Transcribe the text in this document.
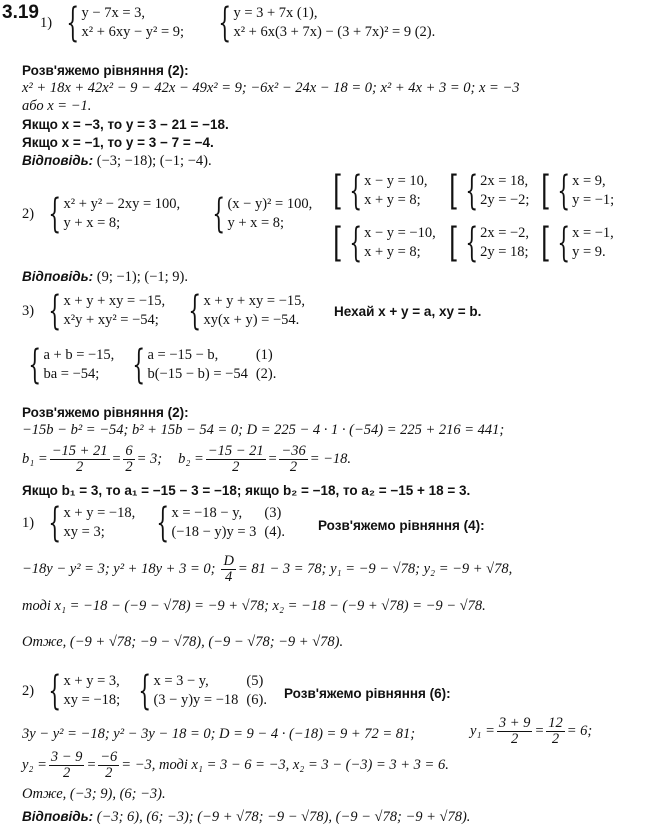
3.19 1) { y − 7x = 3,
x² + 6xy − y² = 9; { y = 3 + 7x (1),
x² + 6x(3 + 7x) − (3 + 7x)² = 9 (2).
Розв'яжемо рівняння (2):
x² + 18x + 42x² − 9 − 42x − 49x² = 9; −6x² − 24x − 18 = 0; x² + 4x + 3 = 0; x = −3
або x = −1.
Якщо x = −3, то y = 3 − 21 = −18.
Якщо x = −1, то y = 3 − 7 = −4.
Відповідь: (−3; −18); (−1; −4).
2) { x² + y² − 2xy = 100,
y + x = 8;	{ (x − y)² = 100,
y + x = 8;
[ { x − y = 10,
x + y = 8;
[ { x − y = −10,
x + y = 8;
[ { 2x = 18,
2y = −2;
[ { 2x = −2,
2y = 18;
[ { x = 9,
y = −1;
[ { x = −1,
y = 9.
Відповідь: (9; −1); (−1; 9).
3) { x + y + xy = −15,
x²y + xy² = −54; { x + y + xy = −15,
xy(x + y) = −54.
Нехай x + y = a, xy = b.
{ a + b = −15,
ba = −54; { a = −15 − b,
b(−15 − b) = −54
(1)
(2).
Розв'яжемо рівняння (2):
−15b − b² = −54; b² + 15b − 54 = 0; D = 225 − 4 · 1 · (−54) = 225 + 216 = 441;
$b_1 = \frac{-15 + 21}{2} = \frac{6}{2} = 3$; $b_2 = \frac{-15 - 21}{2} = \frac{-36}{2} = -18$.
Якщо b₁ = 3, то a₁ = −15 − 3 = −18; якщо b₂ = −18, то a₂ = −15 + 18 = 3.
1) { x + y = −18,
xy = 3;	{ x = −18 − y,
(−18 − y)y = 3
(3)
(4). Розв'яжемо рівняння (4):
−18y − y² = 3; y² + 18y + 3 = 0; $\frac{D}{4} = 81 - 3 = 78$; y₁ = −9 − √78; y₂ = −9 + √78,
тоді x₁ = −18 − (−9 − √78) = −9 + √78; x₂ = −18 − (−9 + √78) = −9 − √78.
Отже, (−9 + √78; −9 − √78), (−9 − √78; −9 + √78).
2) { x + y = 3,
xy = −18; { x = 3 − y,
(3 − y)y = −18
(5)
(6). Розв'яжемо рівняння (6):
3y − y² = −18; y² − 3y − 18 = 0; D = 9 − 4 · (−18) = 9 + 72 = 81;	$y_1 = \frac{3 + 9}{2} = \frac{12}{2} = 6$;
$y_2 = \frac{3 - 9}{2} = \frac{-6}{2} = -3$, тоді x₁ = 3 − 6 = −3, x₂ = 3 − (−3) = 3 + 3 = 6.
Отже, (−3; 9), (6; −3).
Відповідь: (−3; 6), (6; −3); (−9 + √78; −9 − √78), (−9 − √78; −9 + √78).
